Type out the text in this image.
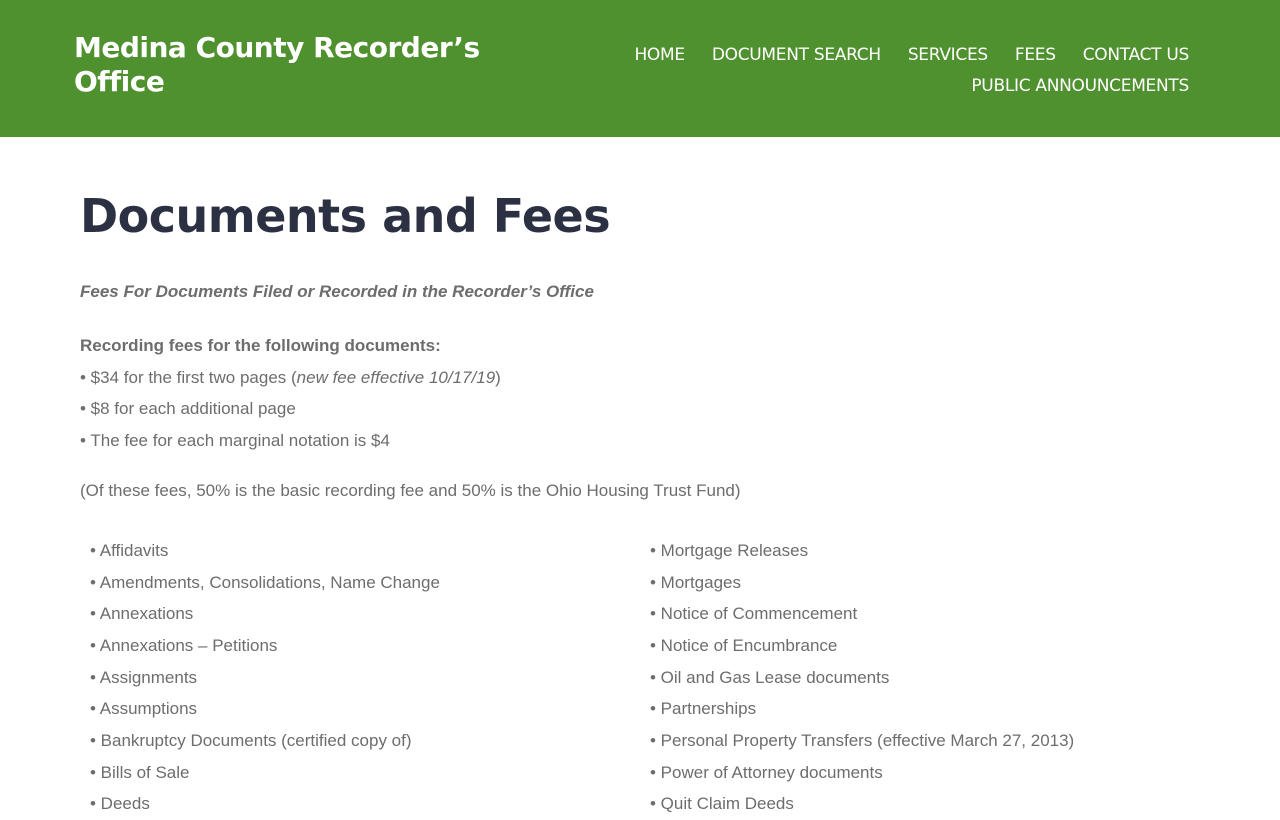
Medina County Recorder’s Office
HOME DOCUMENT SEARCH SERVICES FEES CONTACT US
PUBLIC ANNOUNCEMENTS
Documents and Fees

Fees For Documents Filed or Recorded in the Recorder’s Office

Recording fees for the following documents:
• $34 for the first two pages (new fee effective 10/17/19)
• $8 for each additional page
• The fee for each marginal notation is $4

(Of these fees, 50% is the basic recording fee and 50% is the Ohio Housing Trust Fund)

• Affidavits
• Amendments, Consolidations, Name Change
• Annexations
• Annexations – Petitions
• Assignments
• Assumptions
• Bankruptcy Documents (certified copy of)
• Bills of Sale
• Deeds
• Mortgage Releases
• Mortgages
• Notice of Commencement
• Notice of Encumbrance
• Oil and Gas Lease documents
• Partnerships
• Personal Property Transfers (effective March 27, 2013)
• Power of Attorney documents
• Quit Claim Deeds
